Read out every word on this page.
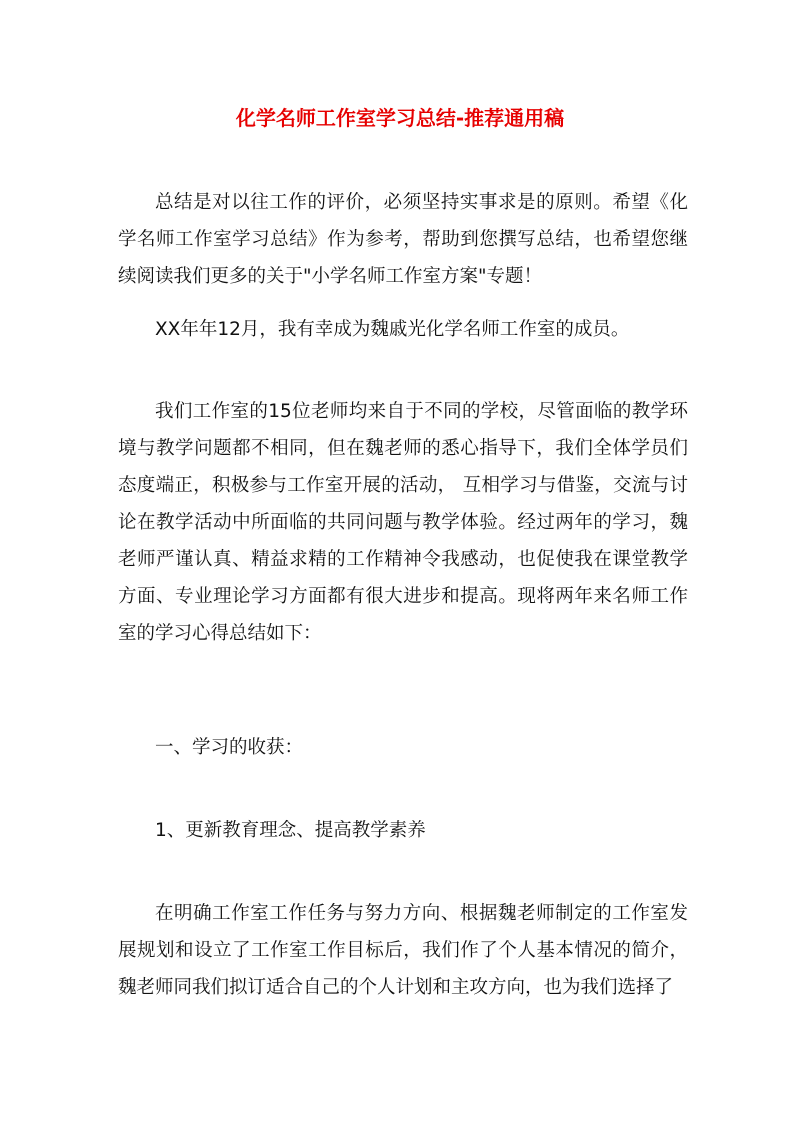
化学名师工作室学习总结-推荐通用稿

总结是对以往工作的评价，必须坚持实事求是的原则。希望《化学名师工作室学习总结》作为参考，帮助到您撰写总结，也希望您继续阅读我们更多的关于"小学名师工作室方案"专题！

XX年年12月，我有幸成为魏戚光化学名师工作室的成员。

我们工作室的15位老师均来自于不同的学校，尽管面临的教学环境与教学问题都不相同，但在魏老师的悉心指导下，我们全体学员们态度端正，积极参与工作室开展的活动， 互相学习与借鉴，交流与讨论在教学活动中所面临的共同问题与教学体验。经过两年的学习，魏老师严谨认真、精益求精的工作精神令我感动，也促使我在课堂教学方面、专业理论学习方面都有很大进步和提高。现将两年来名师工作室的学习心得总结如下：

一、学习的收获：

1、更新教育理念、提高教学素养

在明确工作室工作任务与努力方向、根据魏老师制定的工作室发展规划和设立了工作室工作目标后，我们作了个人基本情况的简介，魏老师同我们拟订适合自己的个人计划和主攻方向，也为我们选择了
